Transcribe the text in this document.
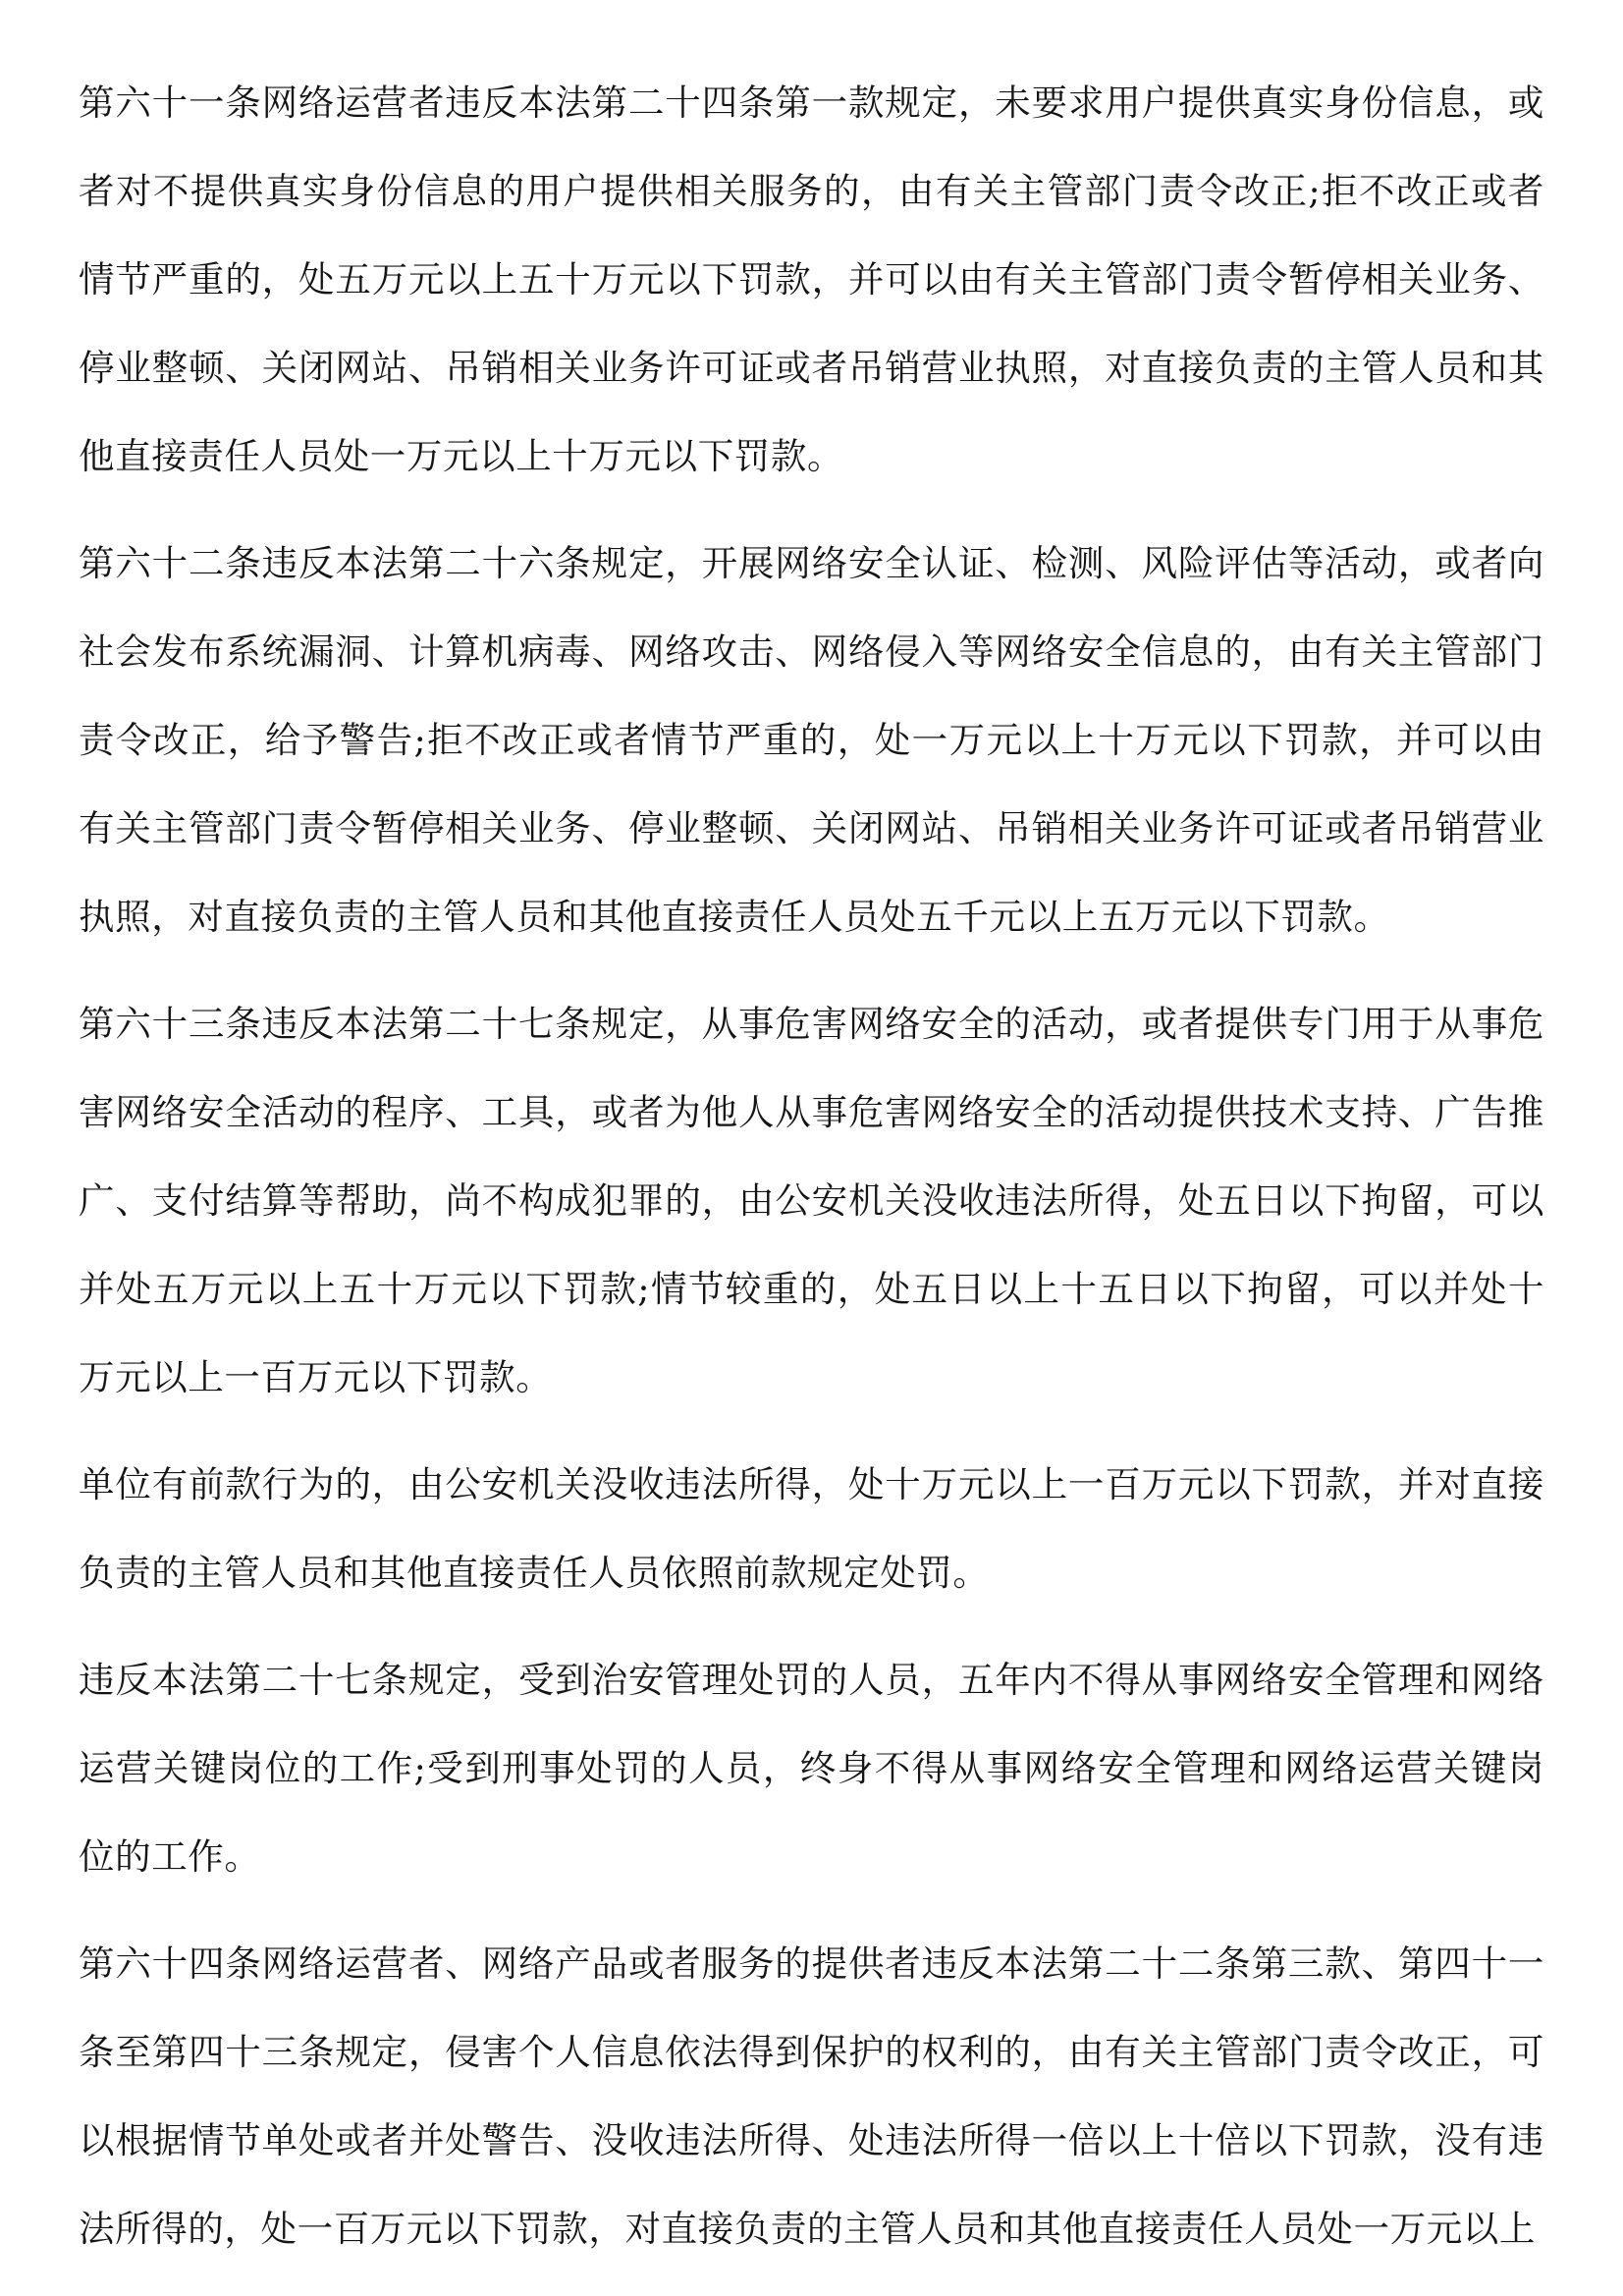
第六十一条网络运营者违反本法第二十四条第一款规定，未要求用户提供真实身份信息，或者对不提供真实身份信息的用户提供相关服务的，由有关主管部门责令改正;拒不改正或者情节严重的，处五万元以上五十万元以下罚款，并可以由有关主管部门责令暂停相关业务、停业整顿、关闭网站、吊销相关业务许可证或者吊销营业执照，对直接负责的主管人员和其他直接责任人员处一万元以上十万元以下罚款。

第六十二条违反本法第二十六条规定，开展网络安全认证、检测、风险评估等活动，或者向社会发布系统漏洞、计算机病毒、网络攻击、网络侵入等网络安全信息的，由有关主管部门责令改正，给予警告;拒不改正或者情节严重的，处一万元以上十万元以下罚款，并可以由有关主管部门责令暂停相关业务、停业整顿、关闭网站、吊销相关业务许可证或者吊销营业执照，对直接负责的主管人员和其他直接责任人员处五千元以上五万元以下罚款。

第六十三条违反本法第二十七条规定，从事危害网络安全的活动，或者提供专门用于从事危害网络安全活动的程序、工具，或者为他人从事危害网络安全的活动提供技术支持、广告推广、支付结算等帮助，尚不构成犯罪的，由公安机关没收违法所得，处五日以下拘留，可以并处五万元以上五十万元以下罚款;情节较重的，处五日以上十五日以下拘留，可以并处十万元以上一百万元以下罚款。

单位有前款行为的，由公安机关没收违法所得，处十万元以上一百万元以下罚款，并对直接负责的主管人员和其他直接责任人员依照前款规定处罚。

违反本法第二十七条规定，受到治安管理处罚的人员，五年内不得从事网络安全管理和网络运营关键岗位的工作;受到刑事处罚的人员，终身不得从事网络安全管理和网络运营关键岗位的工作。

第六十四条网络运营者、网络产品或者服务的提供者违反本法第二十二条第三款、第四十一条至第四十三条规定，侵害个人信息依法得到保护的权利的，由有关主管部门责令改正，可以根据情节单处或者并处警告、没收违法所得、处违法所得一倍以上十倍以下罚款，没有违法所得的，处一百万元以下罚款，对直接负责的主管人员和其他直接责任人员处一万元以上
